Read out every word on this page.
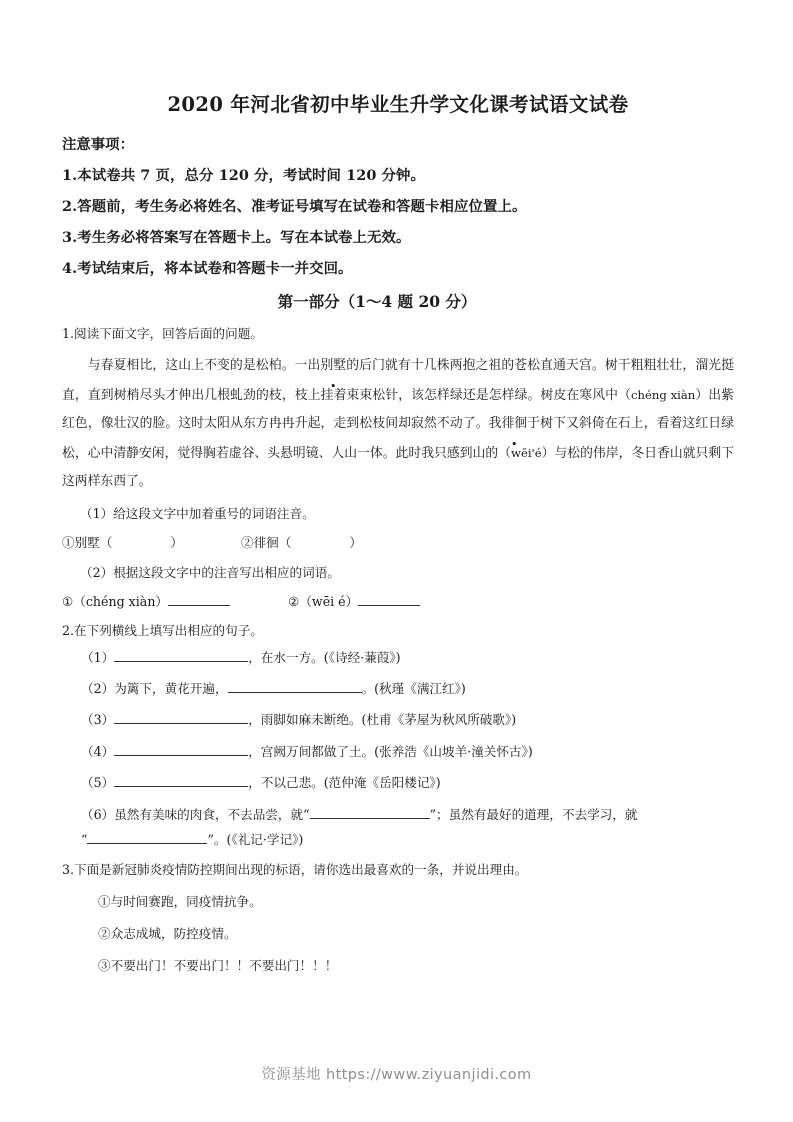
2020 年河北省初中毕业生升学文化课考试语文试卷
注意事项：
1.本试卷共 7 页，总分 120 分，考试时间 120 分钟。
2.答题前，考生务必将姓名、准考证号填写在试卷和答题卡相应位置上。
3.考生务必将答案写在答题卡上。写在本试卷上无效。
4.考试结束后，将本试卷和答题卡一并交回。
第一部分（1～4 题 20 分）
1.阅读下面文字，回答后面的问题。
与春夏相比，这山上不变的是松柏。一出别墅的后门就有十几株两抱之祖的苍松直通天宫。树干粗粗壮壮，溜光挺直，直到树梢尽头才伸出几根虬劲的枝，枝上挂着束束松针，该怎样绿还是怎样绿。树皮在寒风中（chéng xiàn）出紫红色，像壮汉的脸。这时太阳从东方冉冉升起，走到松枝间却寂然不动了。我徘徊于树下又斜倚在石上，看着这红日绿松，心中清静安闲，觉得胸若虚谷、头悬明镜、人山一体。此时我只感到山的（wēi'é）与松的伟岸，冬日香山就只剩下这两样东西了。
（1）给这段文字中加着重号的词语注音。
①别墅（	）	②徘徊（	）
（2）根据这段文字中的注音写出相应的词语。
①（chéng xiàn）	②（wēi é）
2.在下列横线上填写出相应的句子。
（1）	，在水一方。(《诗经·蒹葭》)
（2）为篱下，黄花开遍，	。(秋瑾《满江红》)
（3）	，雨脚如麻未断绝。(杜甫《茅屋为秋风所破歌》)
（4）	，宫阙万间都做了土。(张养浩《山坡羊·潼关怀古》)
（5）	，不以己悲。(范仲淹《岳阳楼记》)
（6）虽然有美味的肉食，不去品尝，就“	”；虽然有最好的道理，不去学习，就
“	”。(《礼记·学记》)
3.下面是新冠肺炎疫情防控期间出现的标语，请你选出最喜欢的一条，并说出理由。
①与时间赛跑，同疫情抗争。
②众志成城，防控疫情。
③不要出门！不要出门！！不要出门！！！
资源基地 https://www.ziyuanjidi.com
